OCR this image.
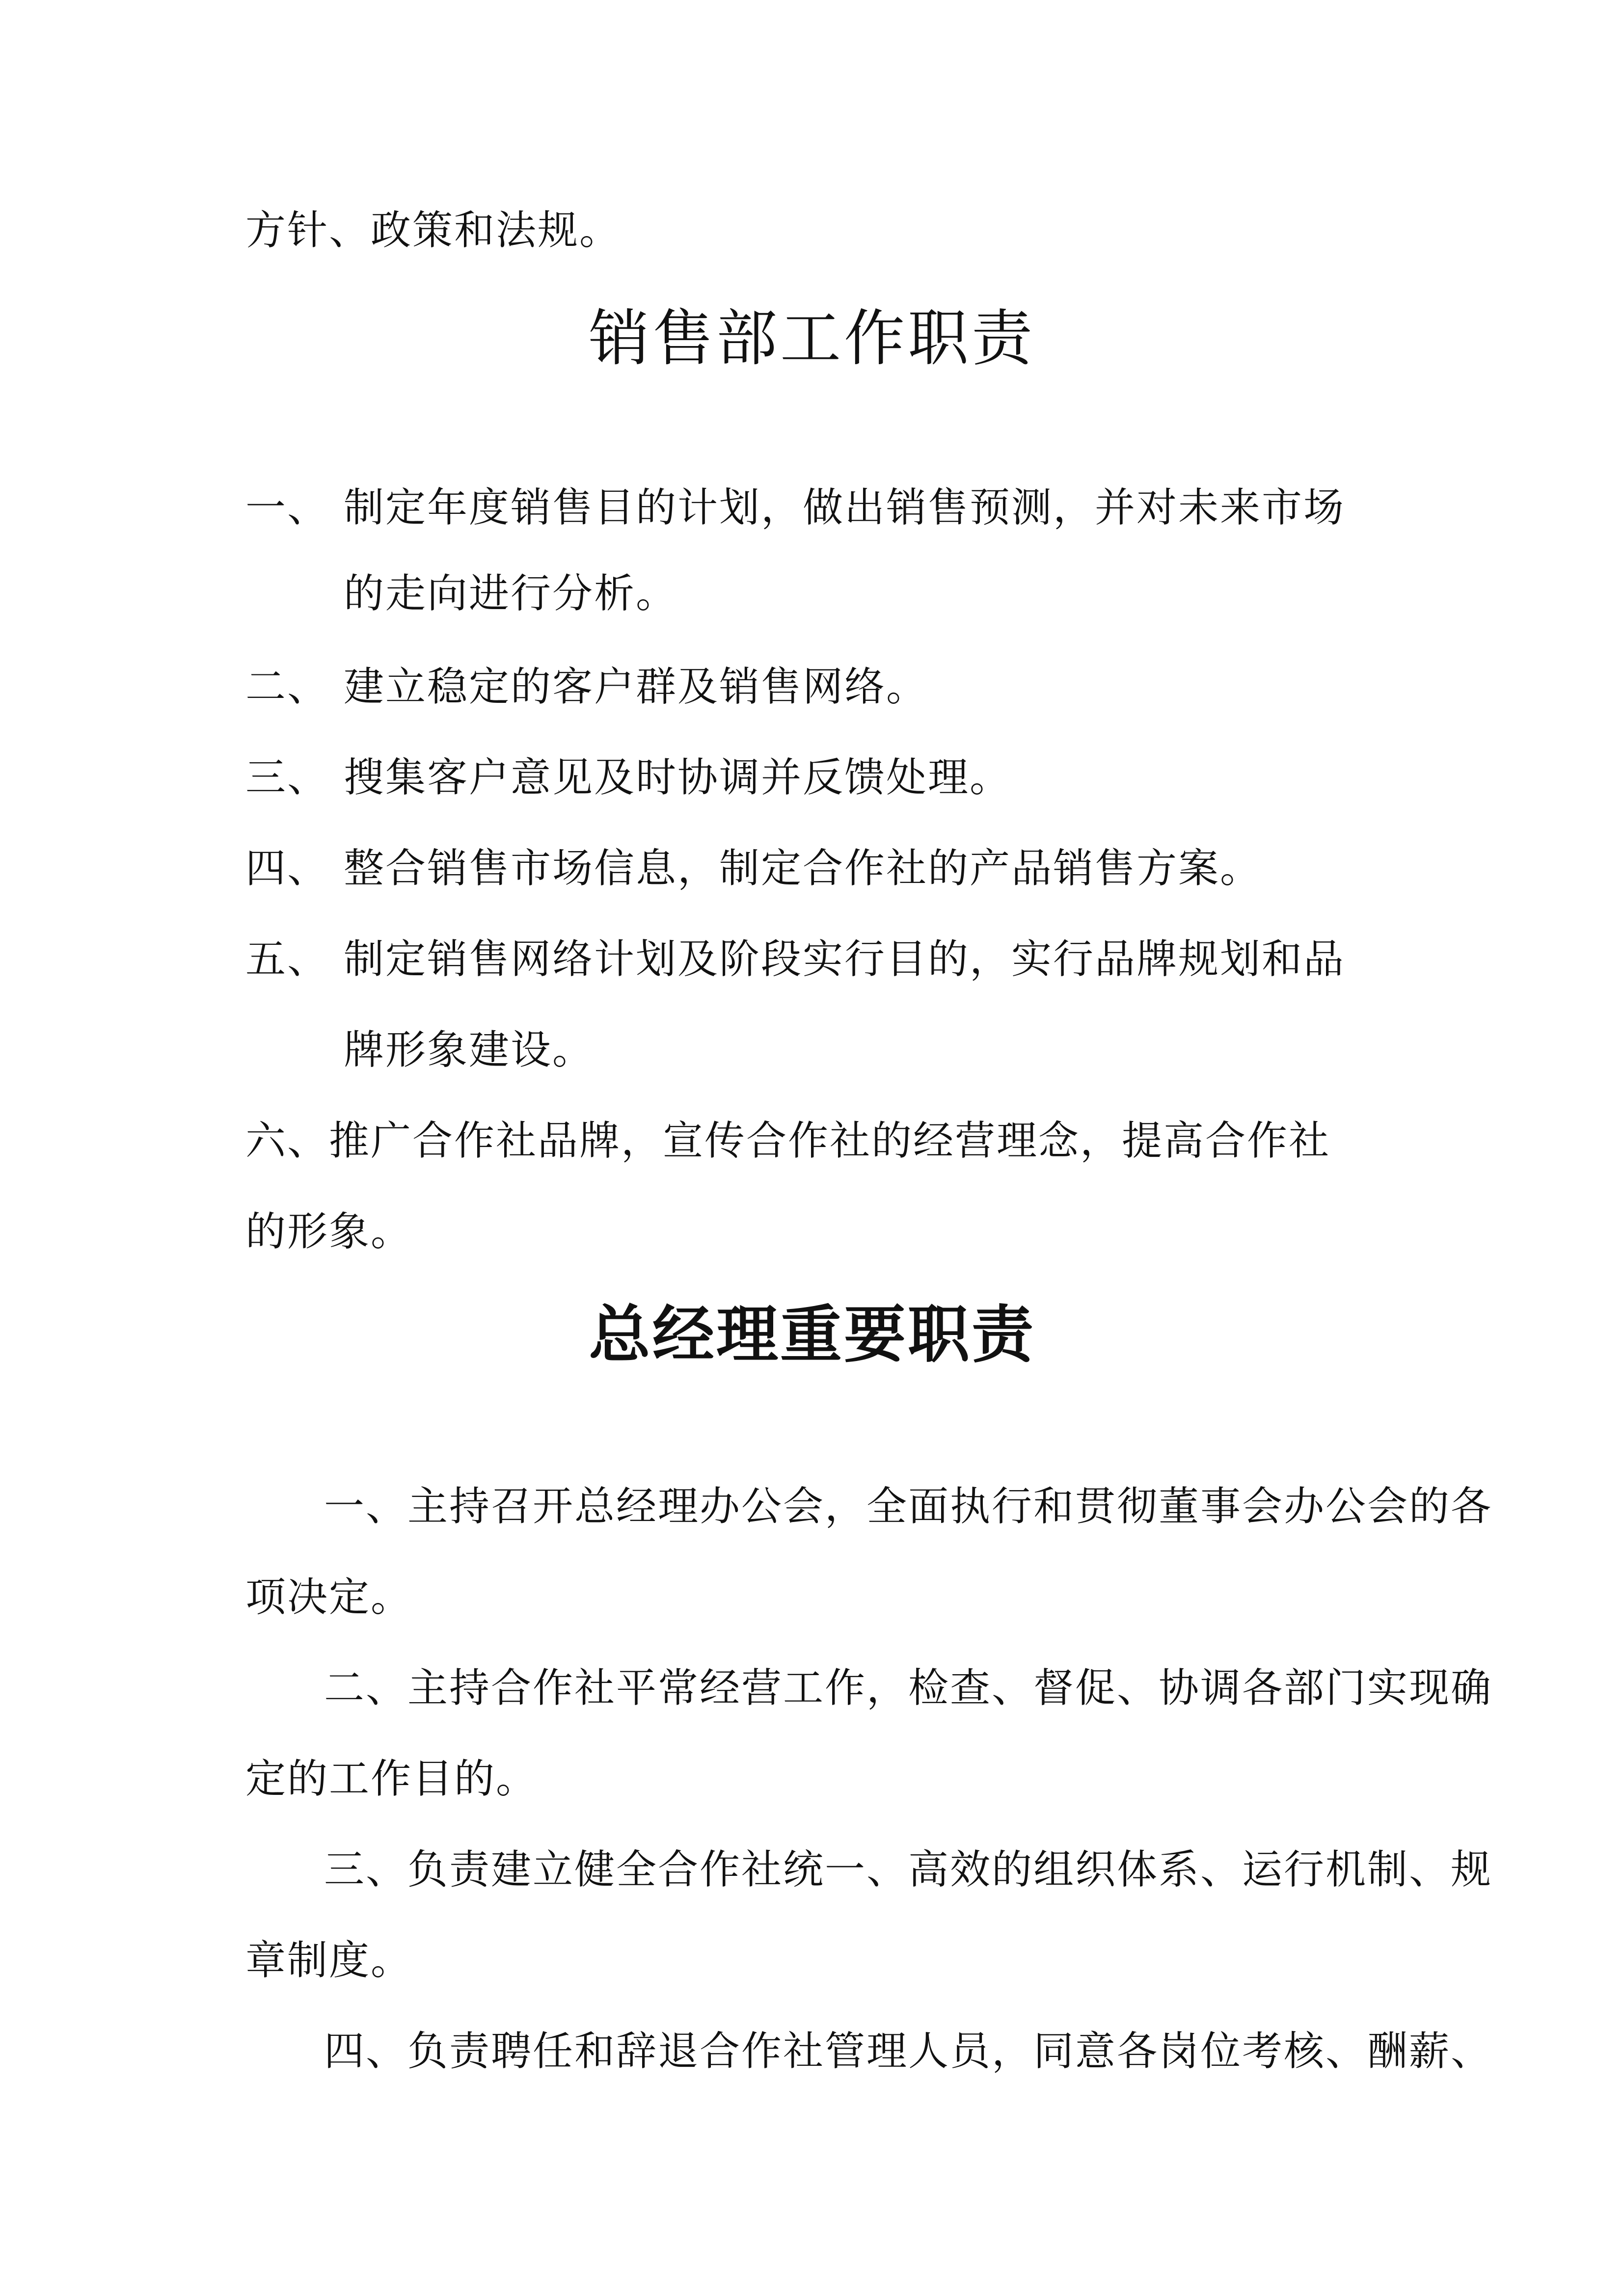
方针、政策和法规。
销售部工作职责
一、 制定年度销售目的计划，做出销售预测，并对未来市场
的走向进行分析。
二、 建立稳定的客户群及销售网络。
三、 搜集客户意见及时协调并反馈处理。
四、 整合销售市场信息，制定合作社的产品销售方案。
五、 制定销售网络计划及阶段实行目的，实行品牌规划和品
牌形象建设。
六、推广合作社品牌，宣传合作社的经营理念，提高合作社
的形象。
总经理重要职责
一、主持召开总经理办公会，全面执行和贯彻董事会办公会的各
项决定。
二、主持合作社平常经营工作，检查、督促、协调各部门实现确
定的工作目的。
三、负责建立健全合作社统一、高效的组织体系、运行机制、规
章制度。
四、负责聘任和辞退合作社管理人员，同意各岗位考核、酬薪、
